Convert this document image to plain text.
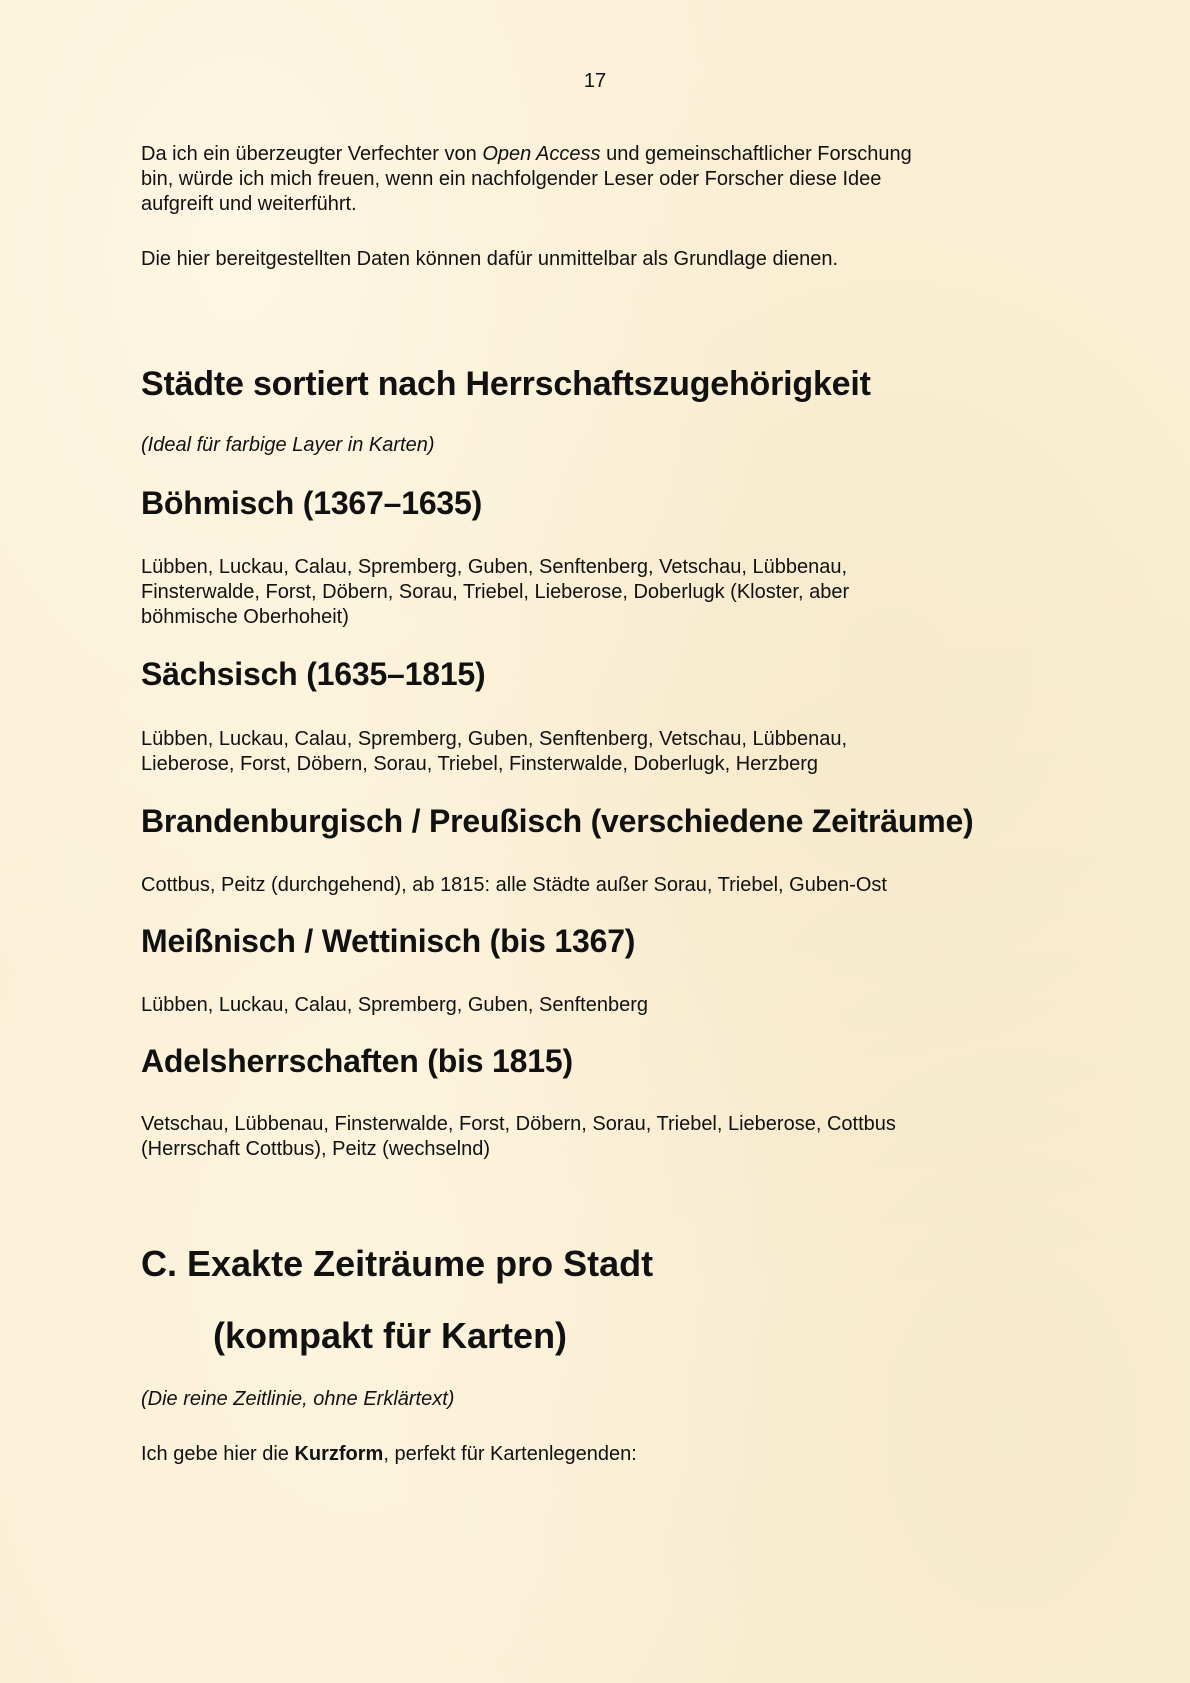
17

Da ich ein überzeugter Verfechter von Open Access und gemeinschaftlicher Forschung

bin, würde ich mich freuen, wenn ein nachfolgender Leser oder Forscher diese Idee

aufgreift und weiterführt.

Die hier bereitgestellten Daten können dafür unmittelbar als Grundlage dienen.

Städte sortiert nach Herrschaftszugehörigkeit

(Ideal für farbige Layer in Karten)

Böhmisch (1367–1635)

Lübben, Luckau, Calau, Spremberg, Guben, Senftenberg, Vetschau, Lübbenau,

Finsterwalde, Forst, Döbern, Sorau, Triebel, Lieberose, Doberlugk (Kloster, aber

böhmische Oberhoheit)

Sächsisch (1635–1815)

Lübben, Luckau, Calau, Spremberg, Guben, Senftenberg, Vetschau, Lübbenau,

Lieberose, Forst, Döbern, Sorau, Triebel, Finsterwalde, Doberlugk, Herzberg

Brandenburgisch / Preußisch (verschiedene Zeiträume)

Cottbus, Peitz (durchgehend), ab 1815: alle Städte außer Sorau, Triebel, Guben-Ost

Meißnisch / Wettinisch (bis 1367)

Lübben, Luckau, Calau, Spremberg, Guben, Senftenberg

Adelsherrschaften (bis 1815)

Vetschau, Lübbenau, Finsterwalde, Forst, Döbern, Sorau, Triebel, Lieberose, Cottbus

(Herrschaft Cottbus), Peitz (wechselnd)

C. Exakte Zeiträume pro Stadt
(kompakt für Karten)

(Die reine Zeitlinie, ohne Erklärtext)

Ich gebe hier die Kurzform, perfekt für Kartenlegenden:
